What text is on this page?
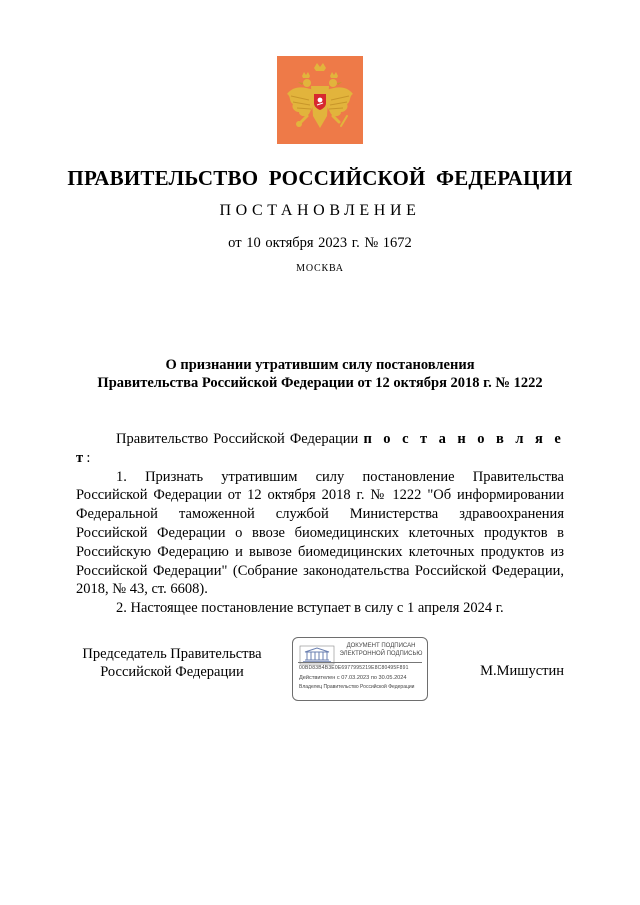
ПРАВИТЕЛЬСТВО РОССИЙСКОЙ ФЕДЕРАЦИИ
ПОСТАНОВЛЕНИЕ
от 10 октября 2023 г. № 1672
МОСКВА
О признании утратившим силу постановления
Правительства Российской Федерации от 12 октября 2018 г. № 1222

Правительство Российской Федерации п о с т а н о в л я е т:

1. Признать утратившим силу постановление Правительства Российской Федерации от 12 октября 2018 г. № 1222 "Об информировании Федеральной таможенной службой Министерства здравоохранения Российской Федерации о ввозе биомедицинских клеточных продуктов в Российскую Федерацию и вывозе биомедицинских клеточных продуктов из Российской Федерации" (Собрание законодательства Российской Федерации, 2018, № 43, ст. 6608).

2. Настоящее постановление вступает в силу с 1 апреля 2024 г.

Председатель Правительства
Российской Федерации
ДОКУМЕНТ ПОДПИСАН
ЭЛЕКТРОННОЙ ПОДПИСЬЮ
00BD83B4B3E0E6977995219E8C80495F891
Действителен с 07.03.2023 по 30.05.2024
Владелец Правительство Российской Федерации
М.Мишустин
